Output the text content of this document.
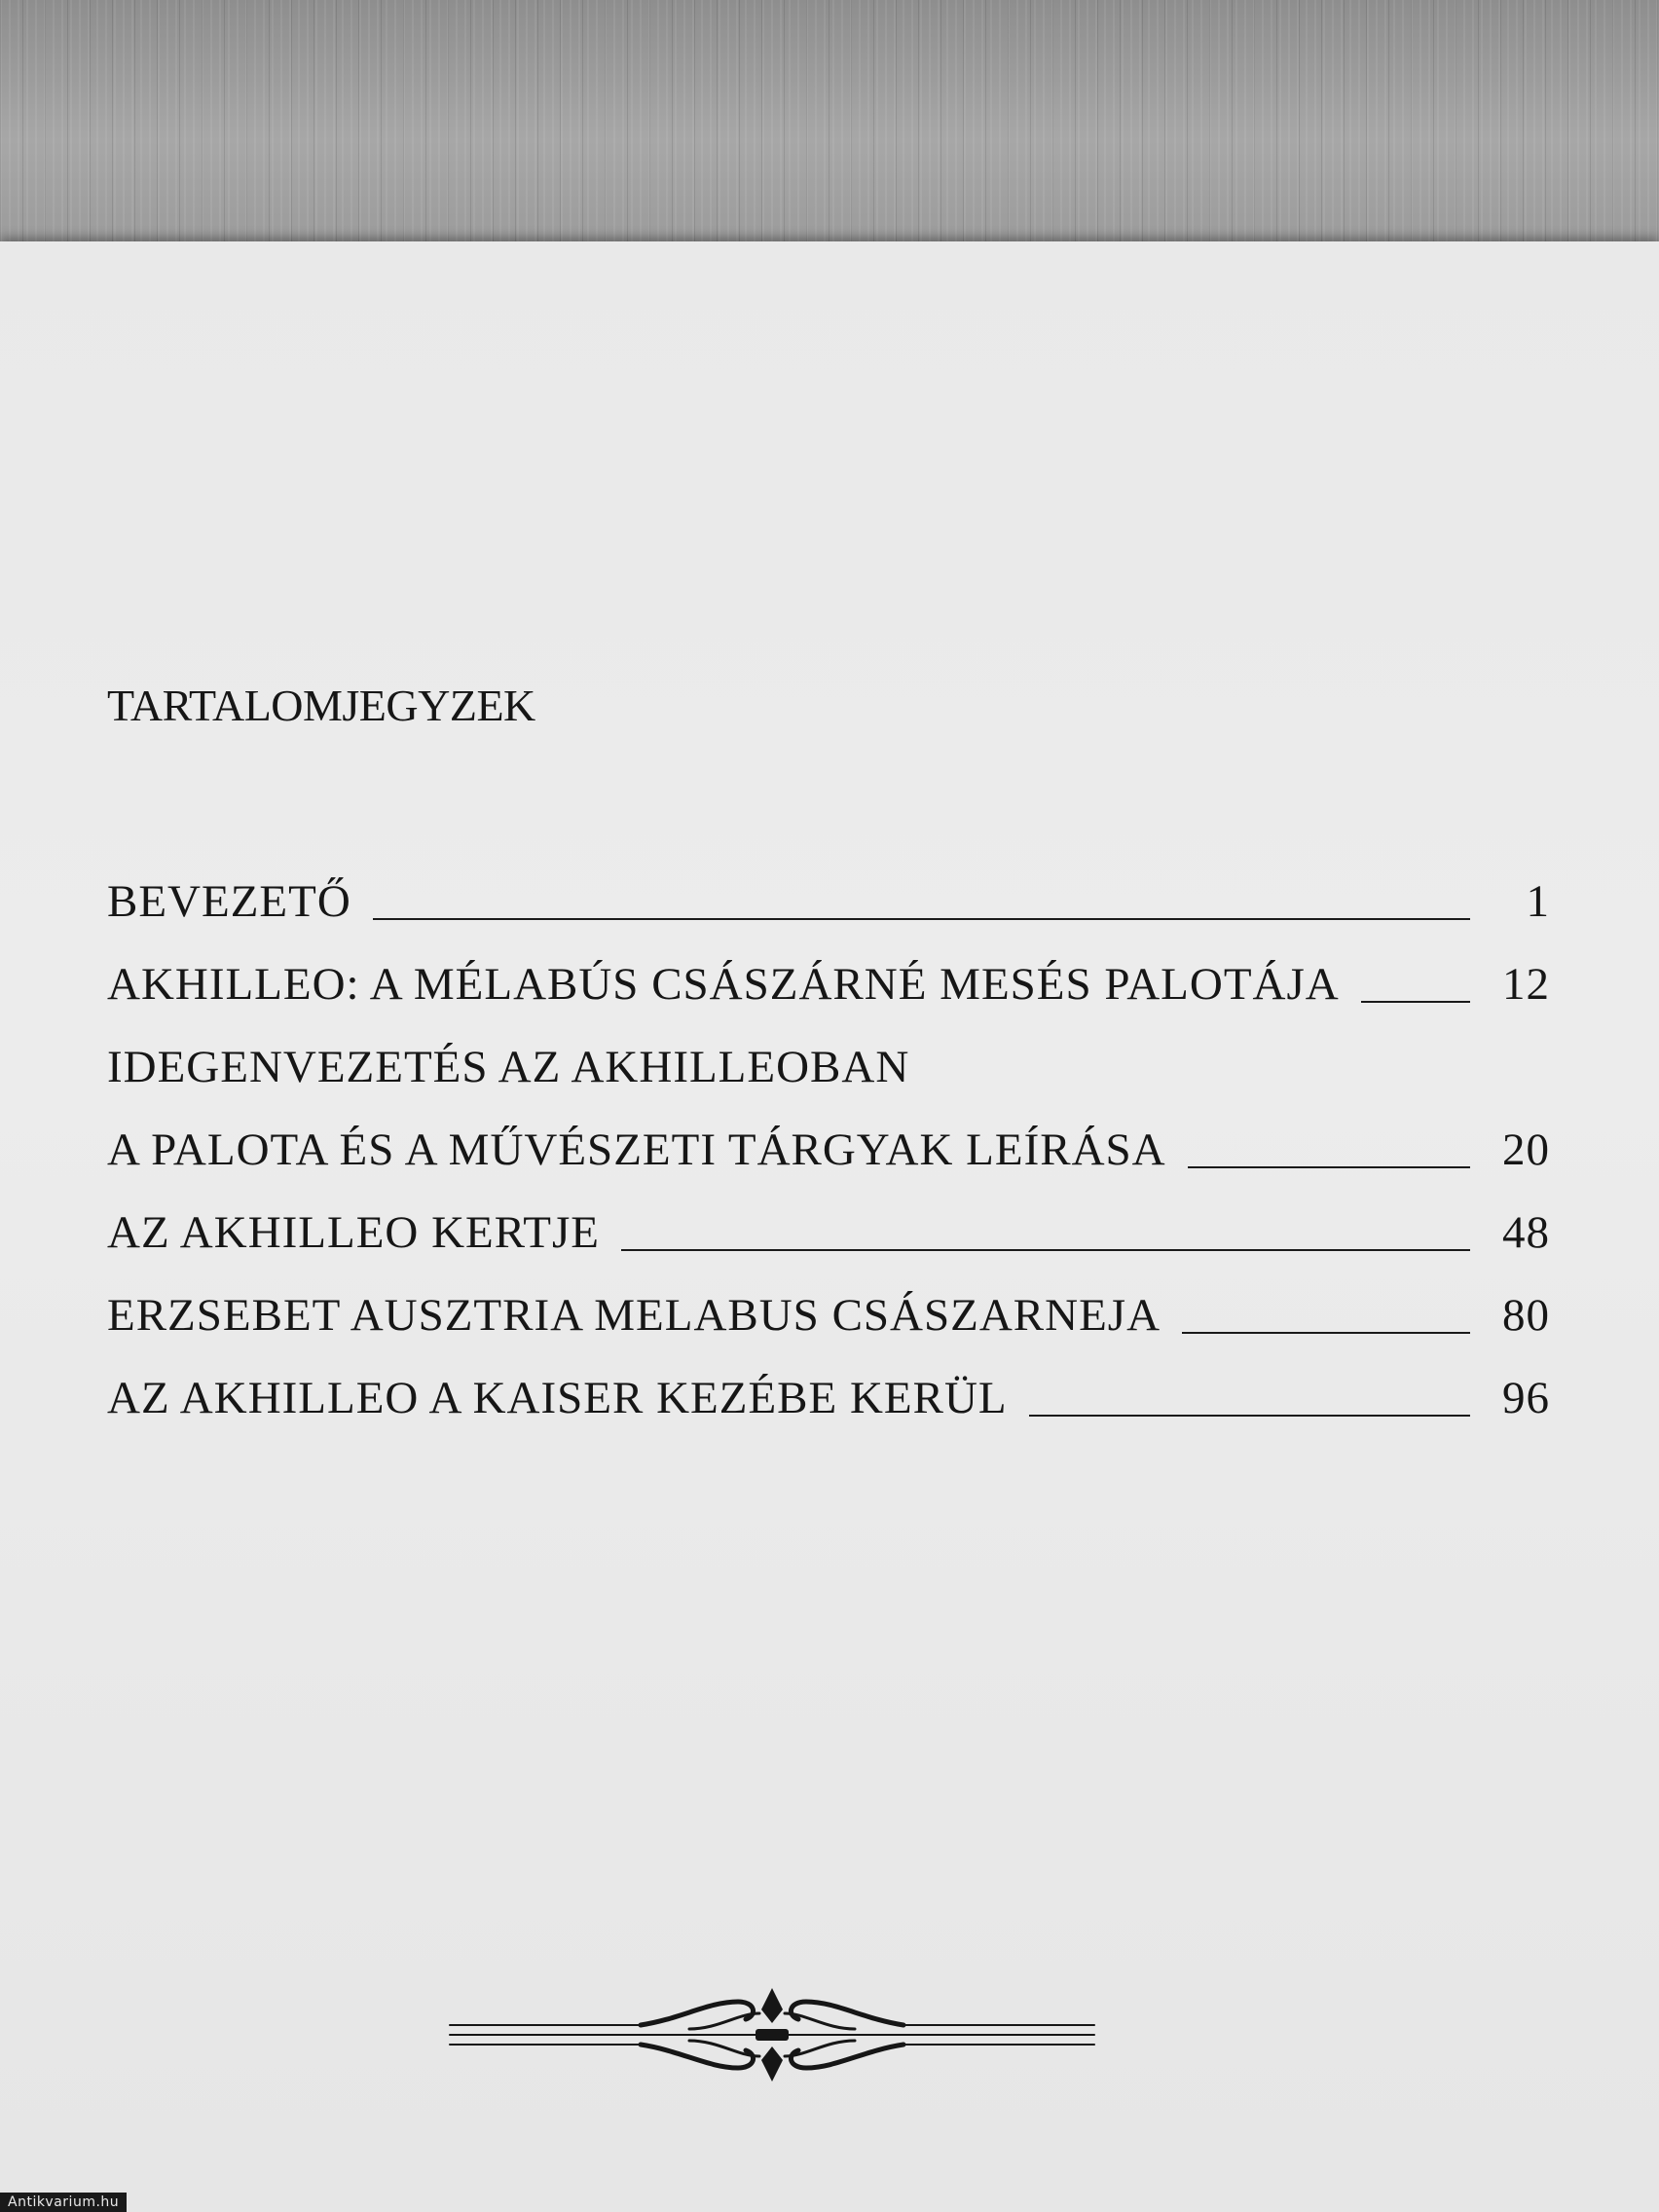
TARTALOMJEGYZEK
BEVEZETŐ	1
AKHILLEO: A MÉLABÚS CSÁSZÁRNÉ MESÉS PALOTÁJA	12
IDEGENVEZETÉS AZ AKHILLEOBAN
A PALOTA ÉS A MŰVÉSZETI TÁRGYAK LEÍRÁSA	20
AZ AKHILLEO KERTJE	48
ERZSEBET AUSZTRIA MELABUS CSÁSZARNEJA	80
AZ AKHILLEO A KAISER KEZÉBE KERÜL	96
Antikvarium.hu
